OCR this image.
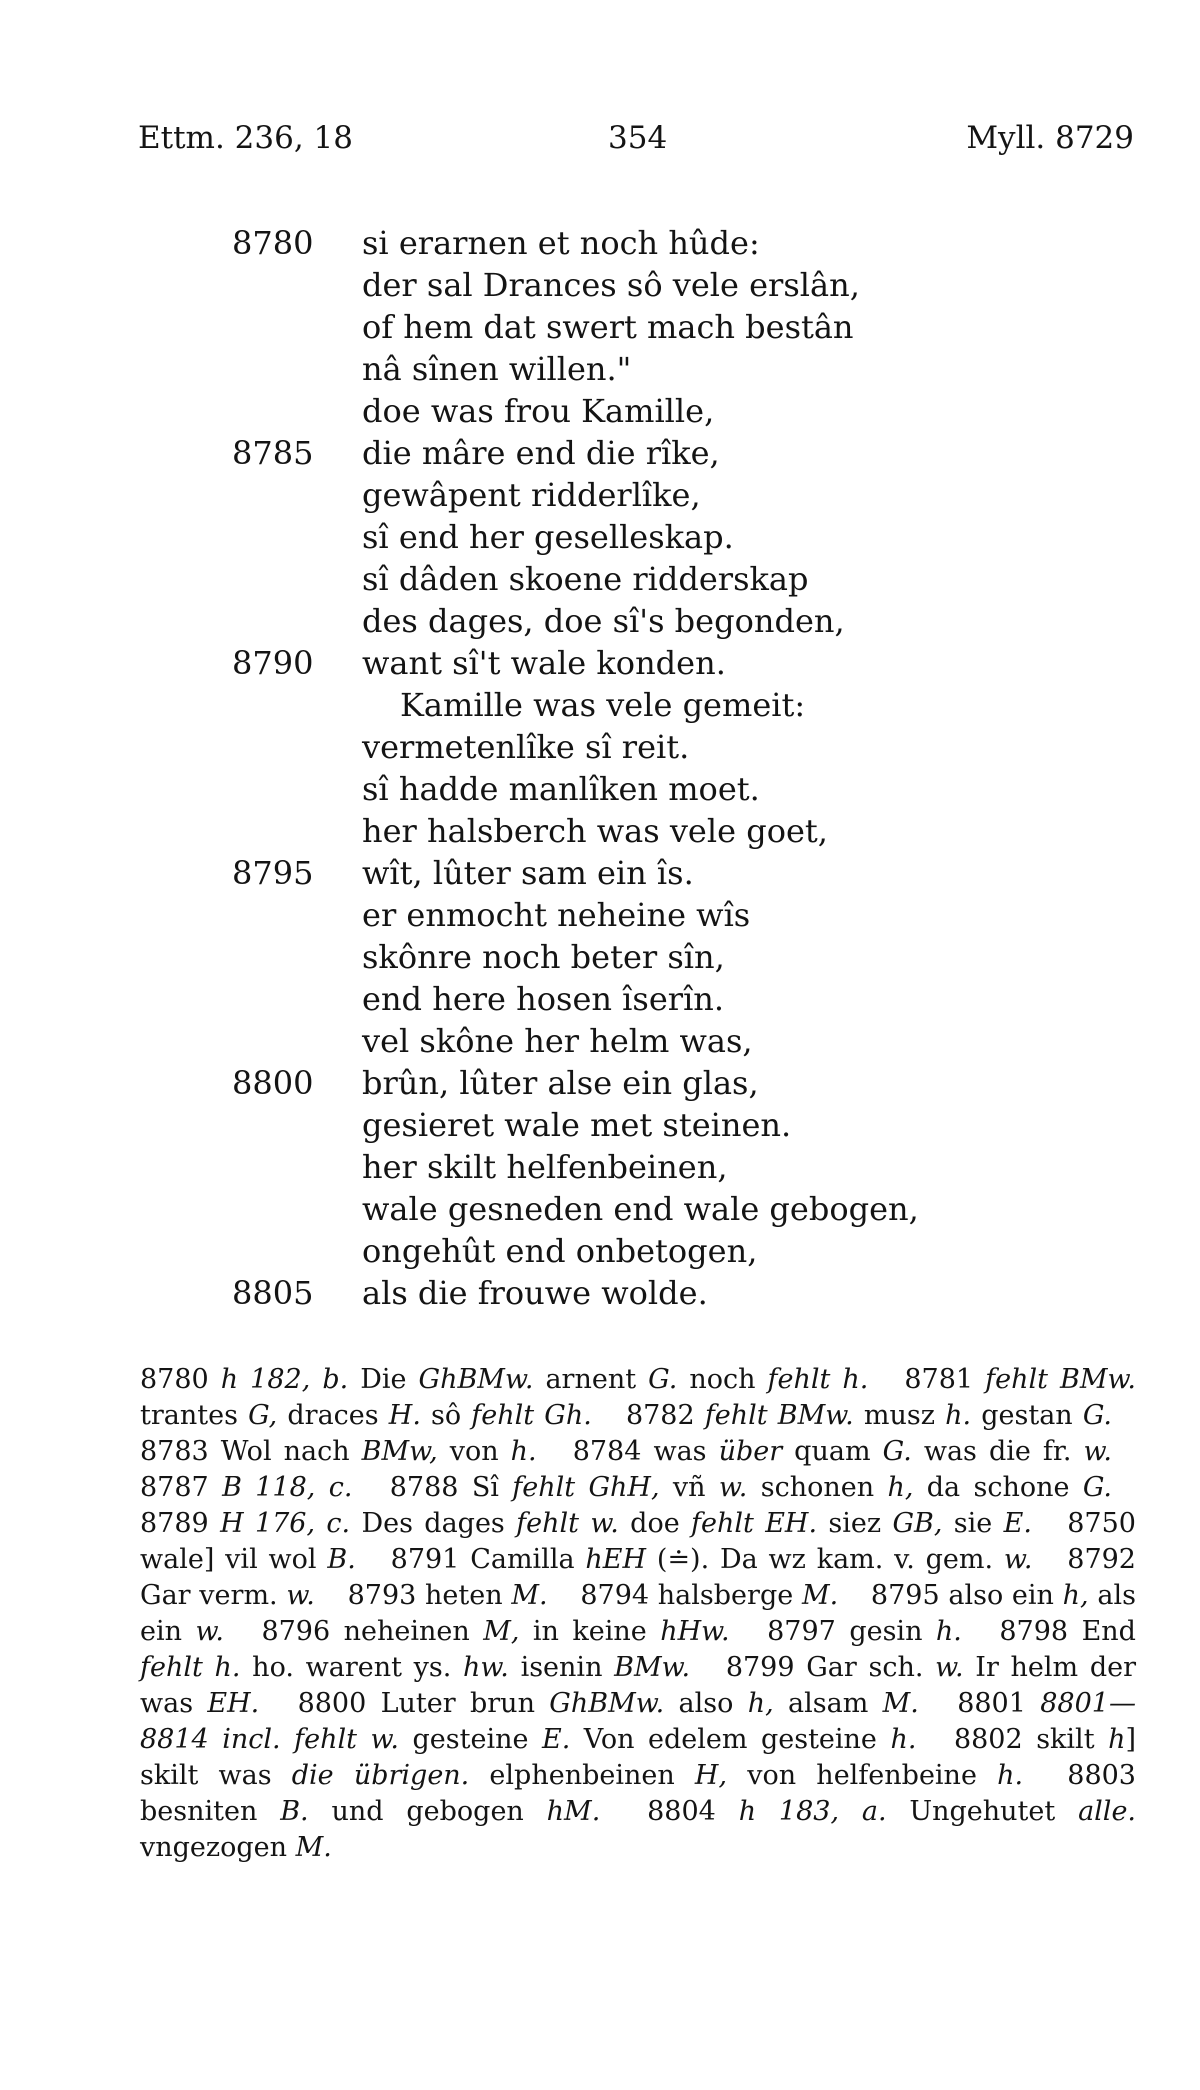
Ettm. 236, 18	354	Myll. 8729
8780 si erarnen et noch hûde:
der sal Drances sô vele erslân,
of hem dat swert mach bestân
nâ sînen willen."
doe was frou Kamille,
8785 die mâre end die rîke,
gewâpent ridderlîke,
sî end her geselleskap.
sî dâden skoene ridderskap
des dages, doe sî's begonden,
8790 want sî't wale konden.
Kamille was vele gemeit:
vermetenlîke sî reit.
sî hadde manlîken moet.
her halsberch was vele goet,
8795 wît, lûter sam ein îs.
er enmocht neheine wîs
skônre noch beter sîn,
end here hosen îserîn.
vel skône her helm was,
8800 brûn, lûter alse ein glas,
gesieret wale met steinen.
her skilt helfenbeinen,
wale gesneden end wale gebogen,
ongehût end onbetogen,
8805 als die frouwe wolde.
8780 h 182, b. Die GhBMw. arnent G. noch fehlt h. 8781 fehlt BMw. trantes G, draces H. sô fehlt Gh. 8782 fehlt BMw. musz h. gestan G. 8783 Wol nach BMw, von h. 8784 was über quam G. was die fr. w. 8787 B 118, c. 8788 Sî fehlt GhH, vñ w. schonen h, da schone G. 8789 H 176, c. Des dages fehlt w. doe fehlt EH. siez GB, sie E. 8750 wale] vil wol B. 8791 Camilla hEH (≐). Da wz kam. v. gem. w. 8792 Gar verm. w. 8793 heten M. 8794 halsberge M. 8795 also ein h, als ein w. 8796 neheinen M, in keine hHw. 8797 gesin h. 8798 End fehlt h. ho. warent ys. hw. isenin BMw. 8799 Gar sch. w. Ir helm der was EH. 8800 Luter brun GhBMw. also h, alsam M. 8801 8801—8814 incl. fehlt w. gesteine E. Von edelem gesteine h. 8802 skilt h] skilt was die übrigen. elphenbeinen H, von helfenbeine h. 8803 besniten B. und gebogen hM. 8804 h 183, a. Ungehutet alle. vngezogen M.
